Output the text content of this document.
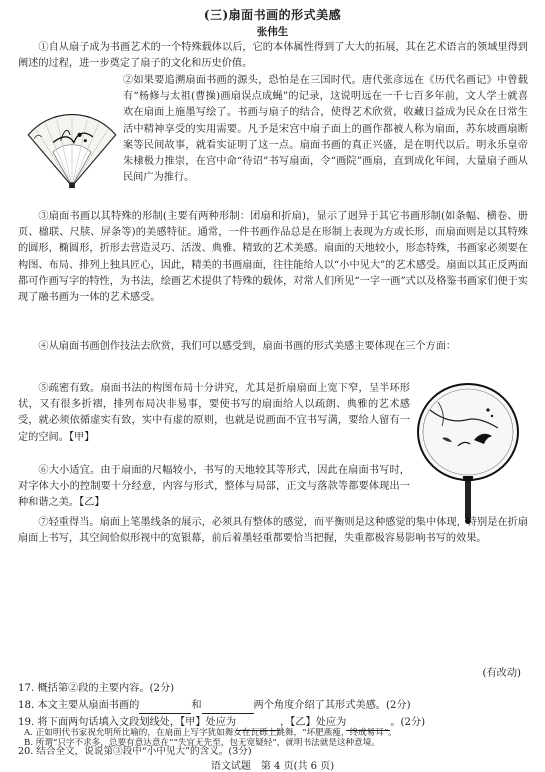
(三)扇面书画的形式美感
张伟生

①自从扇子成为书画艺术的一个特殊载体以后，它的本体属性得到了大大的拓展，其在艺术语言的领域里得到阐述的过程，进一步奠定了扇子的文化和历史价值。

②如果要追溯扇面书画的源头，恐怕是在三国时代。唐代张彦远在《历代名画记》中曾载有“杨修与太祖(曹操)画扇误点成蝇”的记录，这说明远在一千七百多年前，文人学士就喜欢在扇面上施墨写绘了。书画与扇子的结合，使得艺术欣赏，收藏日益成为民众在日常生活中精神享受的实用需要。凡予是宋宫中扇子面上的画作都被人称为扇面，苏东坡画扇断案等民间故事，就看实证明了这一点。扇面书画的真正兴盛，是在明代以后。明永乐皇帝朱棣极力推崇，在宫中命“待诏”书写扇面，令“画院”画扇，直到成化年间，大量扇子画从民间广为推行。

③扇面书画以其特殊的形制(主要有两种形制：团扇和折扇)，显示了迥异于其它书画形制(如条幅、横卷、册页、楹联、尺牍、屏条等)的美感特征。通常，一件书画作品总是在形制上表现为方或长形，而扇面则是以其特殊的圆形，椭圆形，折形去营造灵巧、活泼、典雅、精致的艺术美感。扇面的天地较小，形态特殊，书画家必须要在构图、布局、排列上独具匠心，因此，精美的书画扇面，往往能给人以“小中见大”的艺术感受。扇面以其正反两面都可作画写字的特性，为书法，绘画艺术提供了特殊的载体，对常人们所见“一字一画”式以及格鉴书画家们便于实现了融书画为一体的艺术感受。

④从扇面书画创作技法去欣赏，我们可以感受到，扇面书画的形式美感主要体现在三个方面：

⑤疏密有致。扇面书法的构图布局十分讲究，尤其是折扇扇面上宽下窄，呈半环形状，又有很多折褶，排列布局决非易事，要使书写的扇面给人以疏朗、典雅的艺术感受，就必须依循虚实有致，实中有虚的原则，也就是说画面不宜书写满，要给人留有一定的空间。【甲】

⑥大小适宜。由于扇面的尺幅较小，书写的天地较其等形式，因此在扇面书写时，对字体大小的控制要十分经意，内容与形式，整体与局部，正文与落款等都要体现出一种和谐之美。【乙】

⑦轻重得当。扇面上笔墨线条的展示，必须具有整体的感觉，而平衡则是这种感觉的集中体现，特别是在折扇扇面上书写，其空间恰似形视中的宽银幕，前后着墨轻重都要恰当把握，失重都极容易影响书写的效果。

(有改动)
17. 概括第②段的主要内容。(2分)
18. 本文主要从扇面书画的	和	两个角度介绍了其形式美感。(2分)
19. 将下面两句话填入文段划线处，【甲】处应为	，【乙】处应为	。(2分)
A. 正如明代书家祝允明所比喻的，在扇面上写字犹如舞女在瓦砾上跳舞，“坏肥燕瘦，终成易耳”。
B. 所谓“只字不求多，总要有意达意在”“失宜无先至，包无宽疑轻”，就明书法就是这种意境。
语文试题　第 4 页(共 6 页)
20. 结合全文，说说第③段中“小中见大”的含义。(3分)
